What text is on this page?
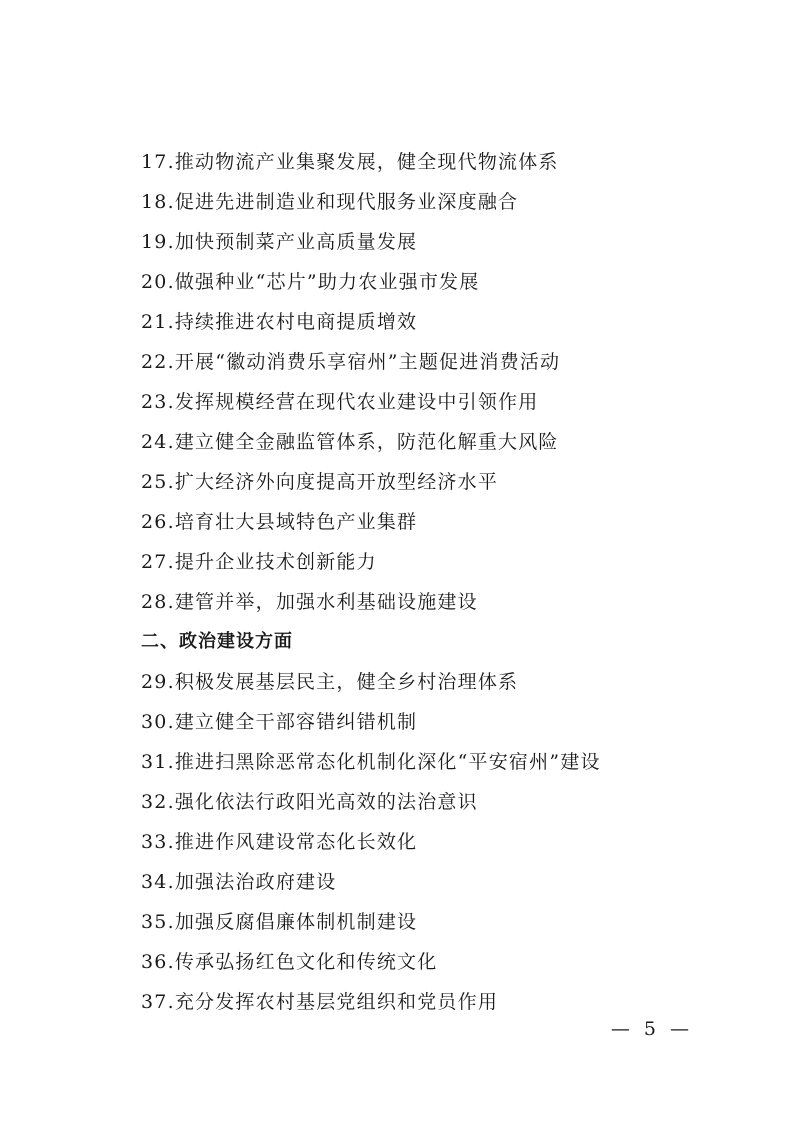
17.推动物流产业集聚发展，健全现代物流体系
18.促进先进制造业和现代服务业深度融合
19.加快预制菜产业高质量发展
20.做强种业“芯片”助力农业强市发展
21.持续推进农村电商提质增效
22.开展“徽动消费乐享宿州”主题促进消费活动
23.发挥规模经营在现代农业建设中引领作用
24.建立健全金融监管体系，防范化解重大风险
25.扩大经济外向度提高开放型经济水平
26.培育壮大县域特色产业集群
27.提升企业技术创新能力
28.建管并举，加强水利基础设施建设
二、政治建设方面
29.积极发展基层民主，健全乡村治理体系
30.建立健全干部容错纠错机制
31.推进扫黑除恶常态化机制化深化“平安宿州”建设
32.强化依法行政阳光高效的法治意识
33.推进作风建设常态化长效化
34.加强法治政府建设
35.加强反腐倡廉体制机制建设
36.传承弘扬红色文化和传统文化
37.充分发挥农村基层党组织和党员作用
— 5 —
